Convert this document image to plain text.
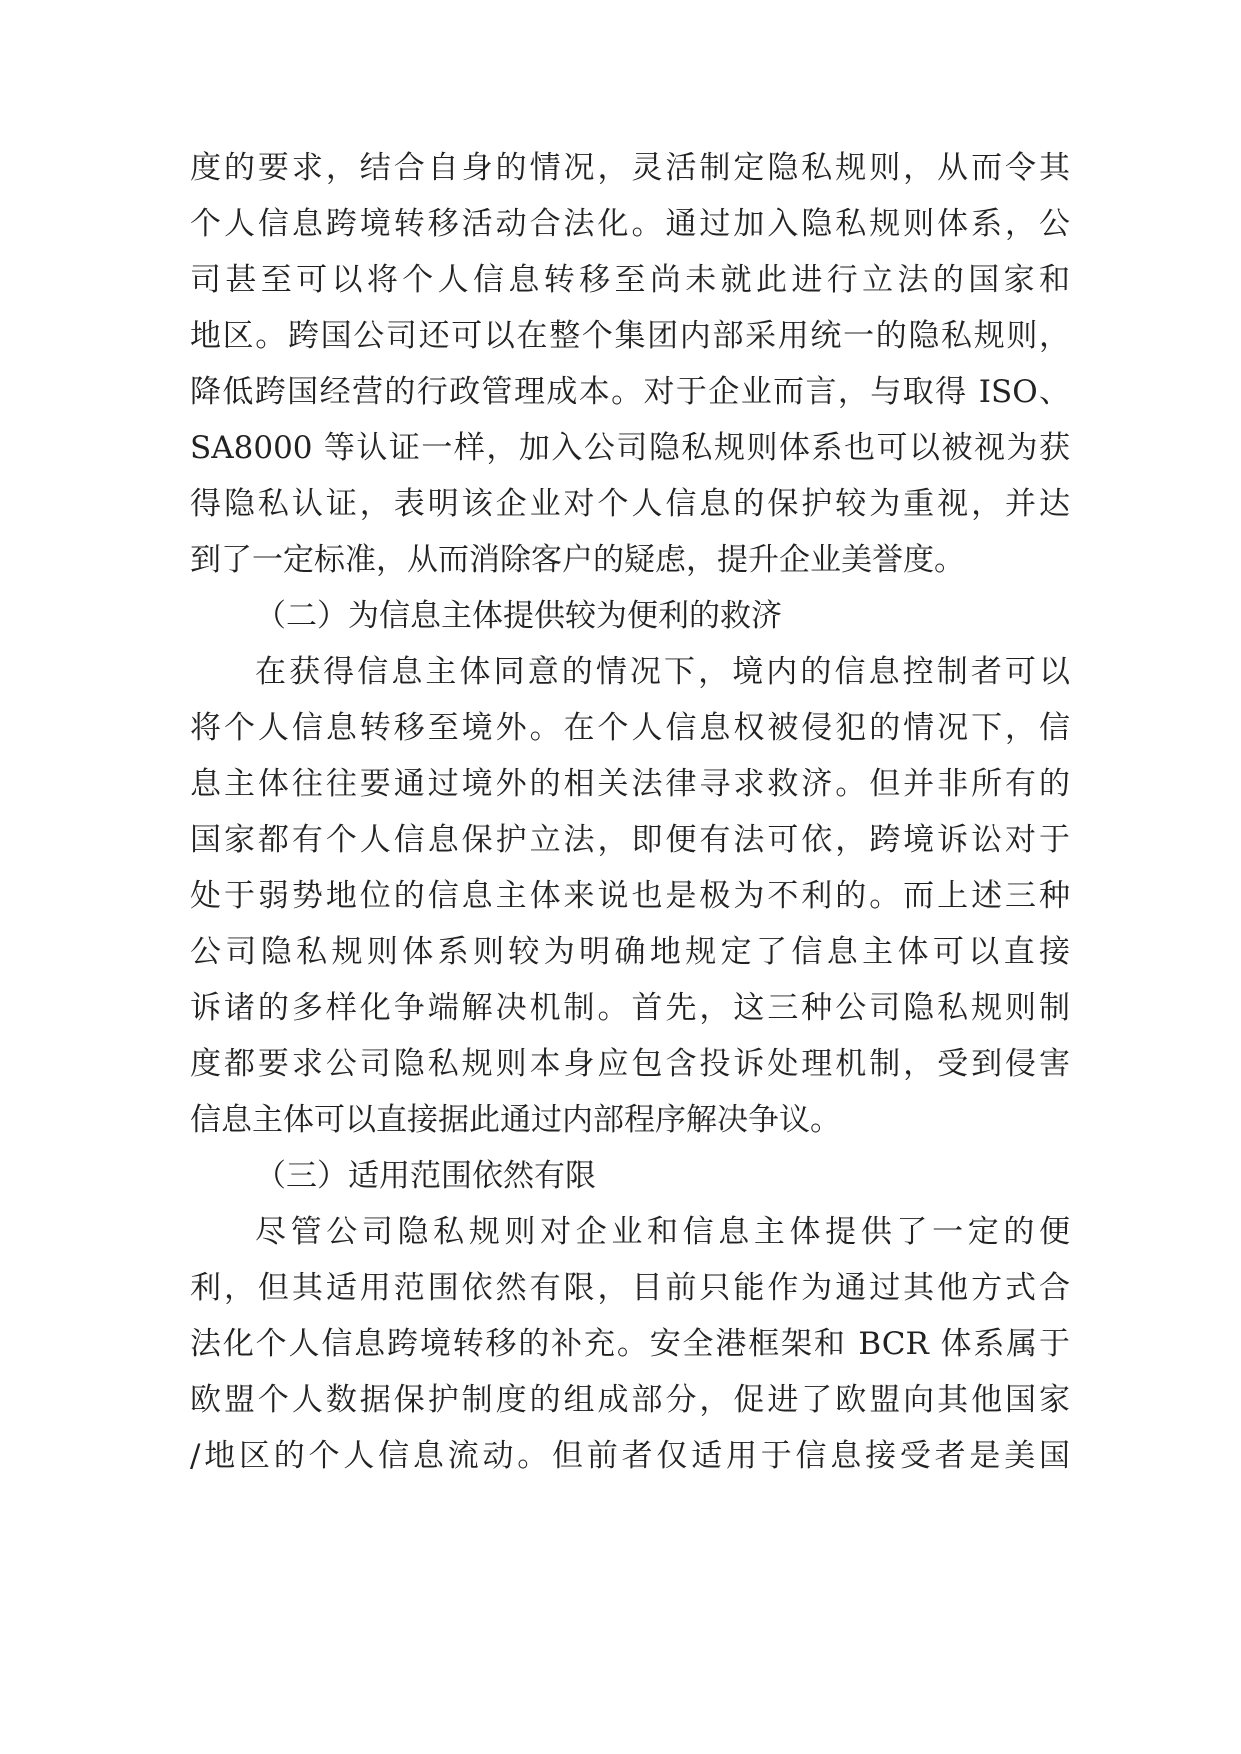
度的要求，结合自身的情况，灵活制定隐私规则，从而令其
个人信息跨境转移活动合法化。通过加入隐私规则体系，公
司甚至可以将个人信息转移至尚未就此进行立法的国家和
地区。跨国公司还可以在整个集团内部采用统一的隐私规则，
降低跨国经营的行政管理成本。对于企业而言，与取得 ISO、
SA8000 等认证一样，加入公司隐私规则体系也可以被视为获
得隐私认证，表明该企业对个人信息的保护较为重视，并达
到了一定标准，从而消除客户的疑虑，提升企业美誉度。
（二）为信息主体提供较为便利的救济
在获得信息主体同意的情况下，境内的信息控制者可以
将个人信息转移至境外。在个人信息权被侵犯的情况下，信
息主体往往要通过境外的相关法律寻求救济。但并非所有的
国家都有个人信息保护立法，即便有法可依，跨境诉讼对于
处于弱势地位的信息主体来说也是极为不利的。而上述三种
公司隐私规则体系则较为明确地规定了信息主体可以直接
诉诸的多样化争端解决机制。首先，这三种公司隐私规则制
度都要求公司隐私规则本身应包含投诉处理机制，受到侵害
信息主体可以直接据此通过内部程序解决争议。
（三）适用范围依然有限
尽管公司隐私规则对企业和信息主体提供了一定的便
利，但其适用范围依然有限，目前只能作为通过其他方式合
法化个人信息跨境转移的补充。安全港框架和 BCR 体系属于
欧盟个人数据保护制度的组成部分，促进了欧盟向其他国家
/地区的个人信息流动。但前者仅适用于信息接受者是美国
